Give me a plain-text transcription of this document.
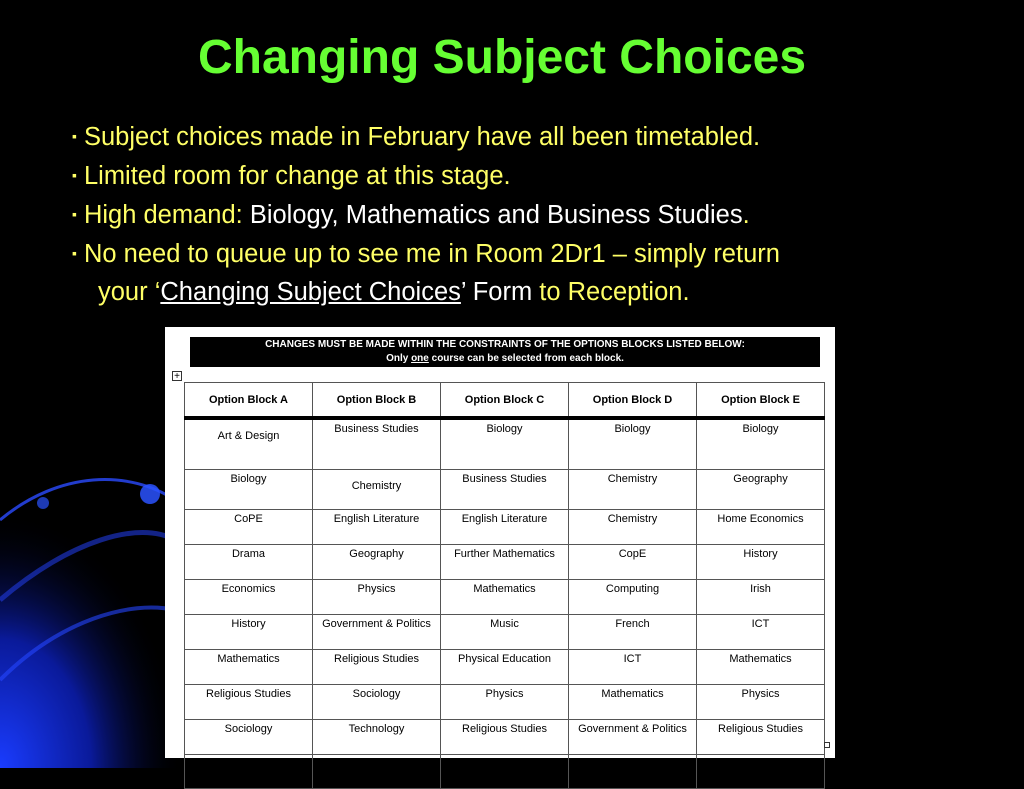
Changing Subject Choices
▪ Subject choices made in February have all been timetabled.
▪ Limited room for change at this stage.
▪ High demand: Biology, Mathematics and Business Studies.
▪ No need to queue up to see me in Room 2Dr1 – simply return
your ‘Changing Subject Choices’ Form to Reception.
CHANGES MUST BE MADE WITHIN THE CONSTRAINTS OF THE OPTIONS BLOCKS LISTED BELOW:
Only one course can be selected from each block.
+
Option Block A	Option Block B	Option Block C	Option Block D	Option Block E
Art & Design	Business Studies	Biology	Biology	Biology
Biology	Chemistry	Business Studies	Chemistry	Geography
CoPE	English Literature	English Literature	Chemistry	Home Economics
Drama	Geography	Further Mathematics	CopE	History
Economics	Physics	Mathematics	Computing	Irish
History	Government & Politics	Music	French	ICT
Mathematics	Religious Studies	Physical Education	ICT	Mathematics
Religious Studies	Sociology	Physics	Mathematics	Physics
Sociology	Technology	Religious Studies	Government & Politics	Religious Studies
	Spanish			
